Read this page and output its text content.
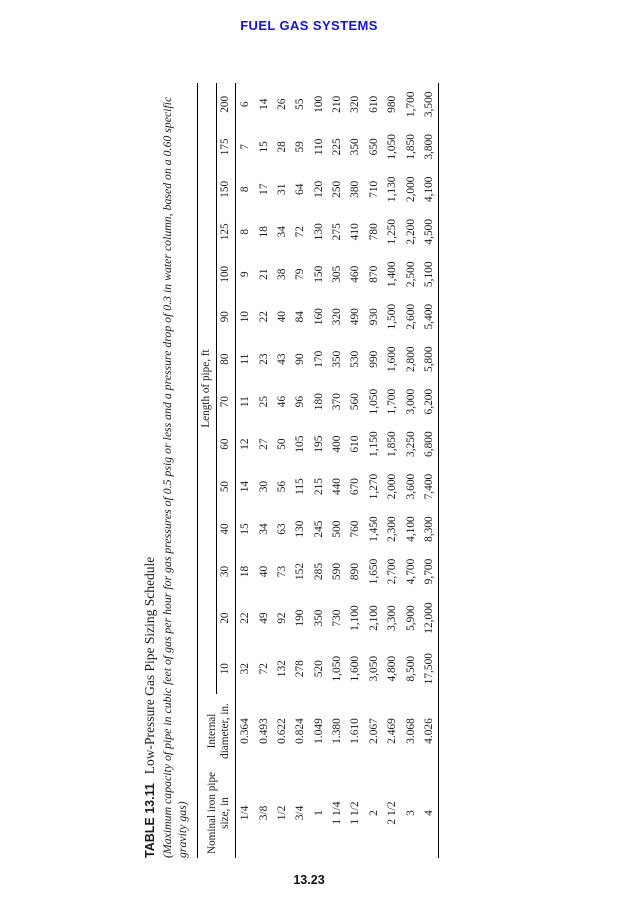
FUEL GAS SYSTEMS
TABLE 13.11Low-Pressure Gas Pipe Sizing Schedule (Maximum capacity of pipe in cubic feet of gas per hour for gas pressures of 0.5 psig or less and a pressure drop of 0.3 in water column, based on a 0.60 specific gravity gas) Nominal iron pipe size, in	Internal diameter, in.	Length of pipe, ft													
		10	20	30	40	50	60	70	80	90	100	125	150	175	200
1/4	0.364	32	22	18	15	14	12	11	11	10	9	8	8	7	6
3/8	0.493	72	49	40	34	30	27	25	23	22	21	18	17	15	14
1/2	0.622	132	92	73	63	56	50	46	43	40	38	34	31	28	26
3/4	0.824	278	190	152	130	115	105	96	90	84	79	72	64	59	55
1	1.049	520	350	285	245	215	195	180	170	160	150	130	120	110	100
1 1/4	1.380	1,050	730	590	500	440	400	370	350	320	305	275	250	225	210
1 1/2	1.610	1,600	1,100	890	760	670	610	560	530	490	460	410	380	350	320
2	2.067	3,050	2,100	1,650	1,450	1,270	1,150	1,050	990	930	870	780	710	650	610
2 1/2	2.469	4,800	3,300	2,700	2,300	2,000	1,850	1,700	1,600	1,500	1,400	1,250	1,130	1,050	980
3	3.068	8,500	5,900	4,700	4,100	3,600	3,250	3,000	2,800	2,600	2,500	2,200	2,000	1,850	1,700
4	4.026	17,500	12,000	9,700	8,300	7,400	6,800	6,200	5,800	5,400	5,100	4,500	4,100	3,800	3,500
13.23
